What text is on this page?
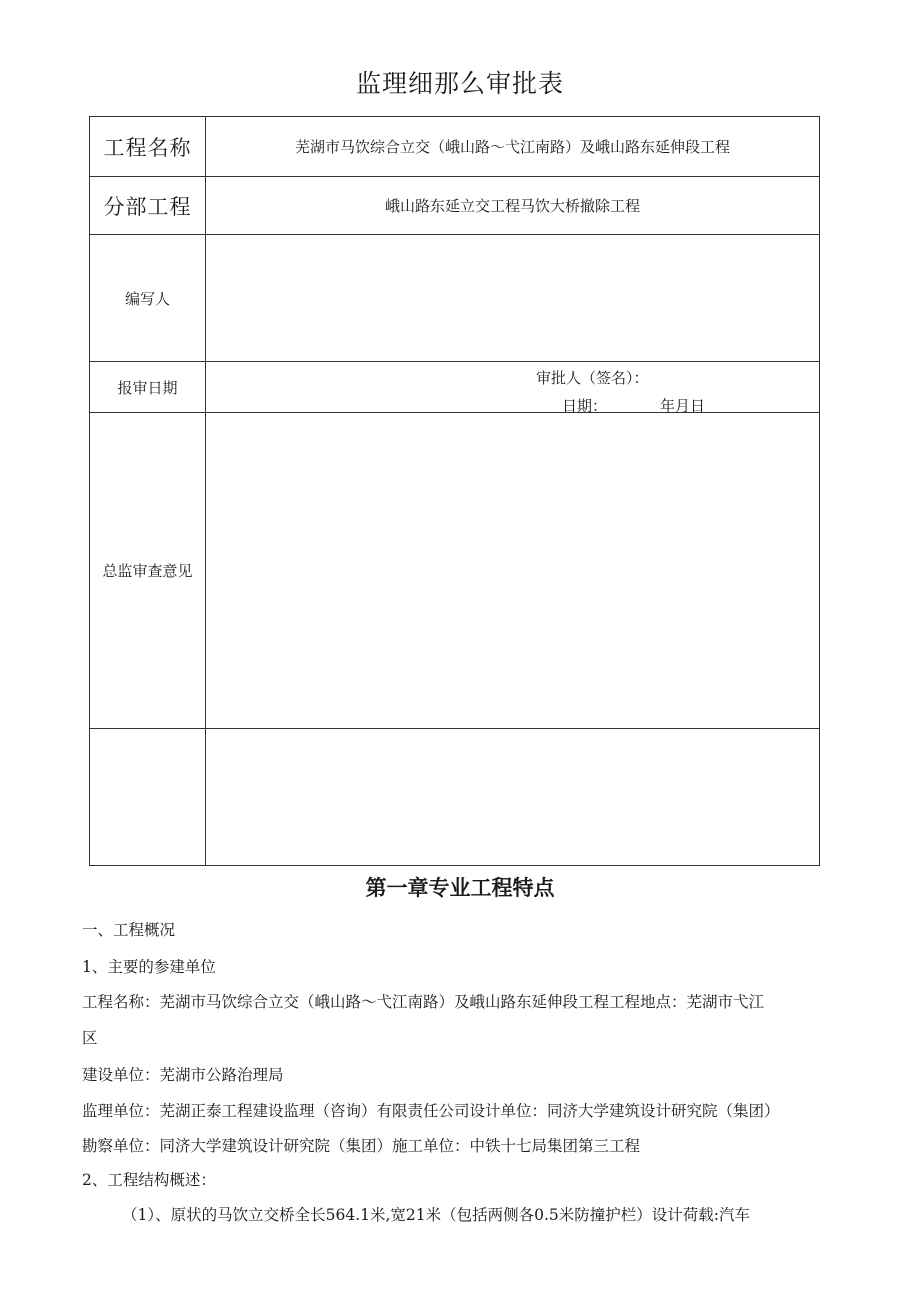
监理细那么审批表
工程名称	芜湖市马饮综合立交（峨山路～弋江南路）及峨山路东延伸段工程
分部工程	峨山路东延立交工程马饮大桥撤除工程
编写人	
报审日期	审批人（签名）：
日期： 年月日

总监审查意见	

第一章专业工程特点
一、工程概况
1、主要的参建单位
工程名称：芜湖市马饮综合立交（峨山路～弋江南路）及峨山路东延伸段工程工程地点：芜湖市弋江
区
建设单位：芜湖市公路治理局
监理单位：芜湖正泰工程建设监理（咨询）有限责任公司设计单位：同济大学建筑设计研究院（集团）
勘察单位：同济大学建筑设计研究院（集团）施工单位：中铁十七局集团第三工程
2、工程结构概述：
（1）、原状的马饮立交桥全长564.1米,宽21米（包括两侧各0.5米防撞护栏）设计荷载:汽车
